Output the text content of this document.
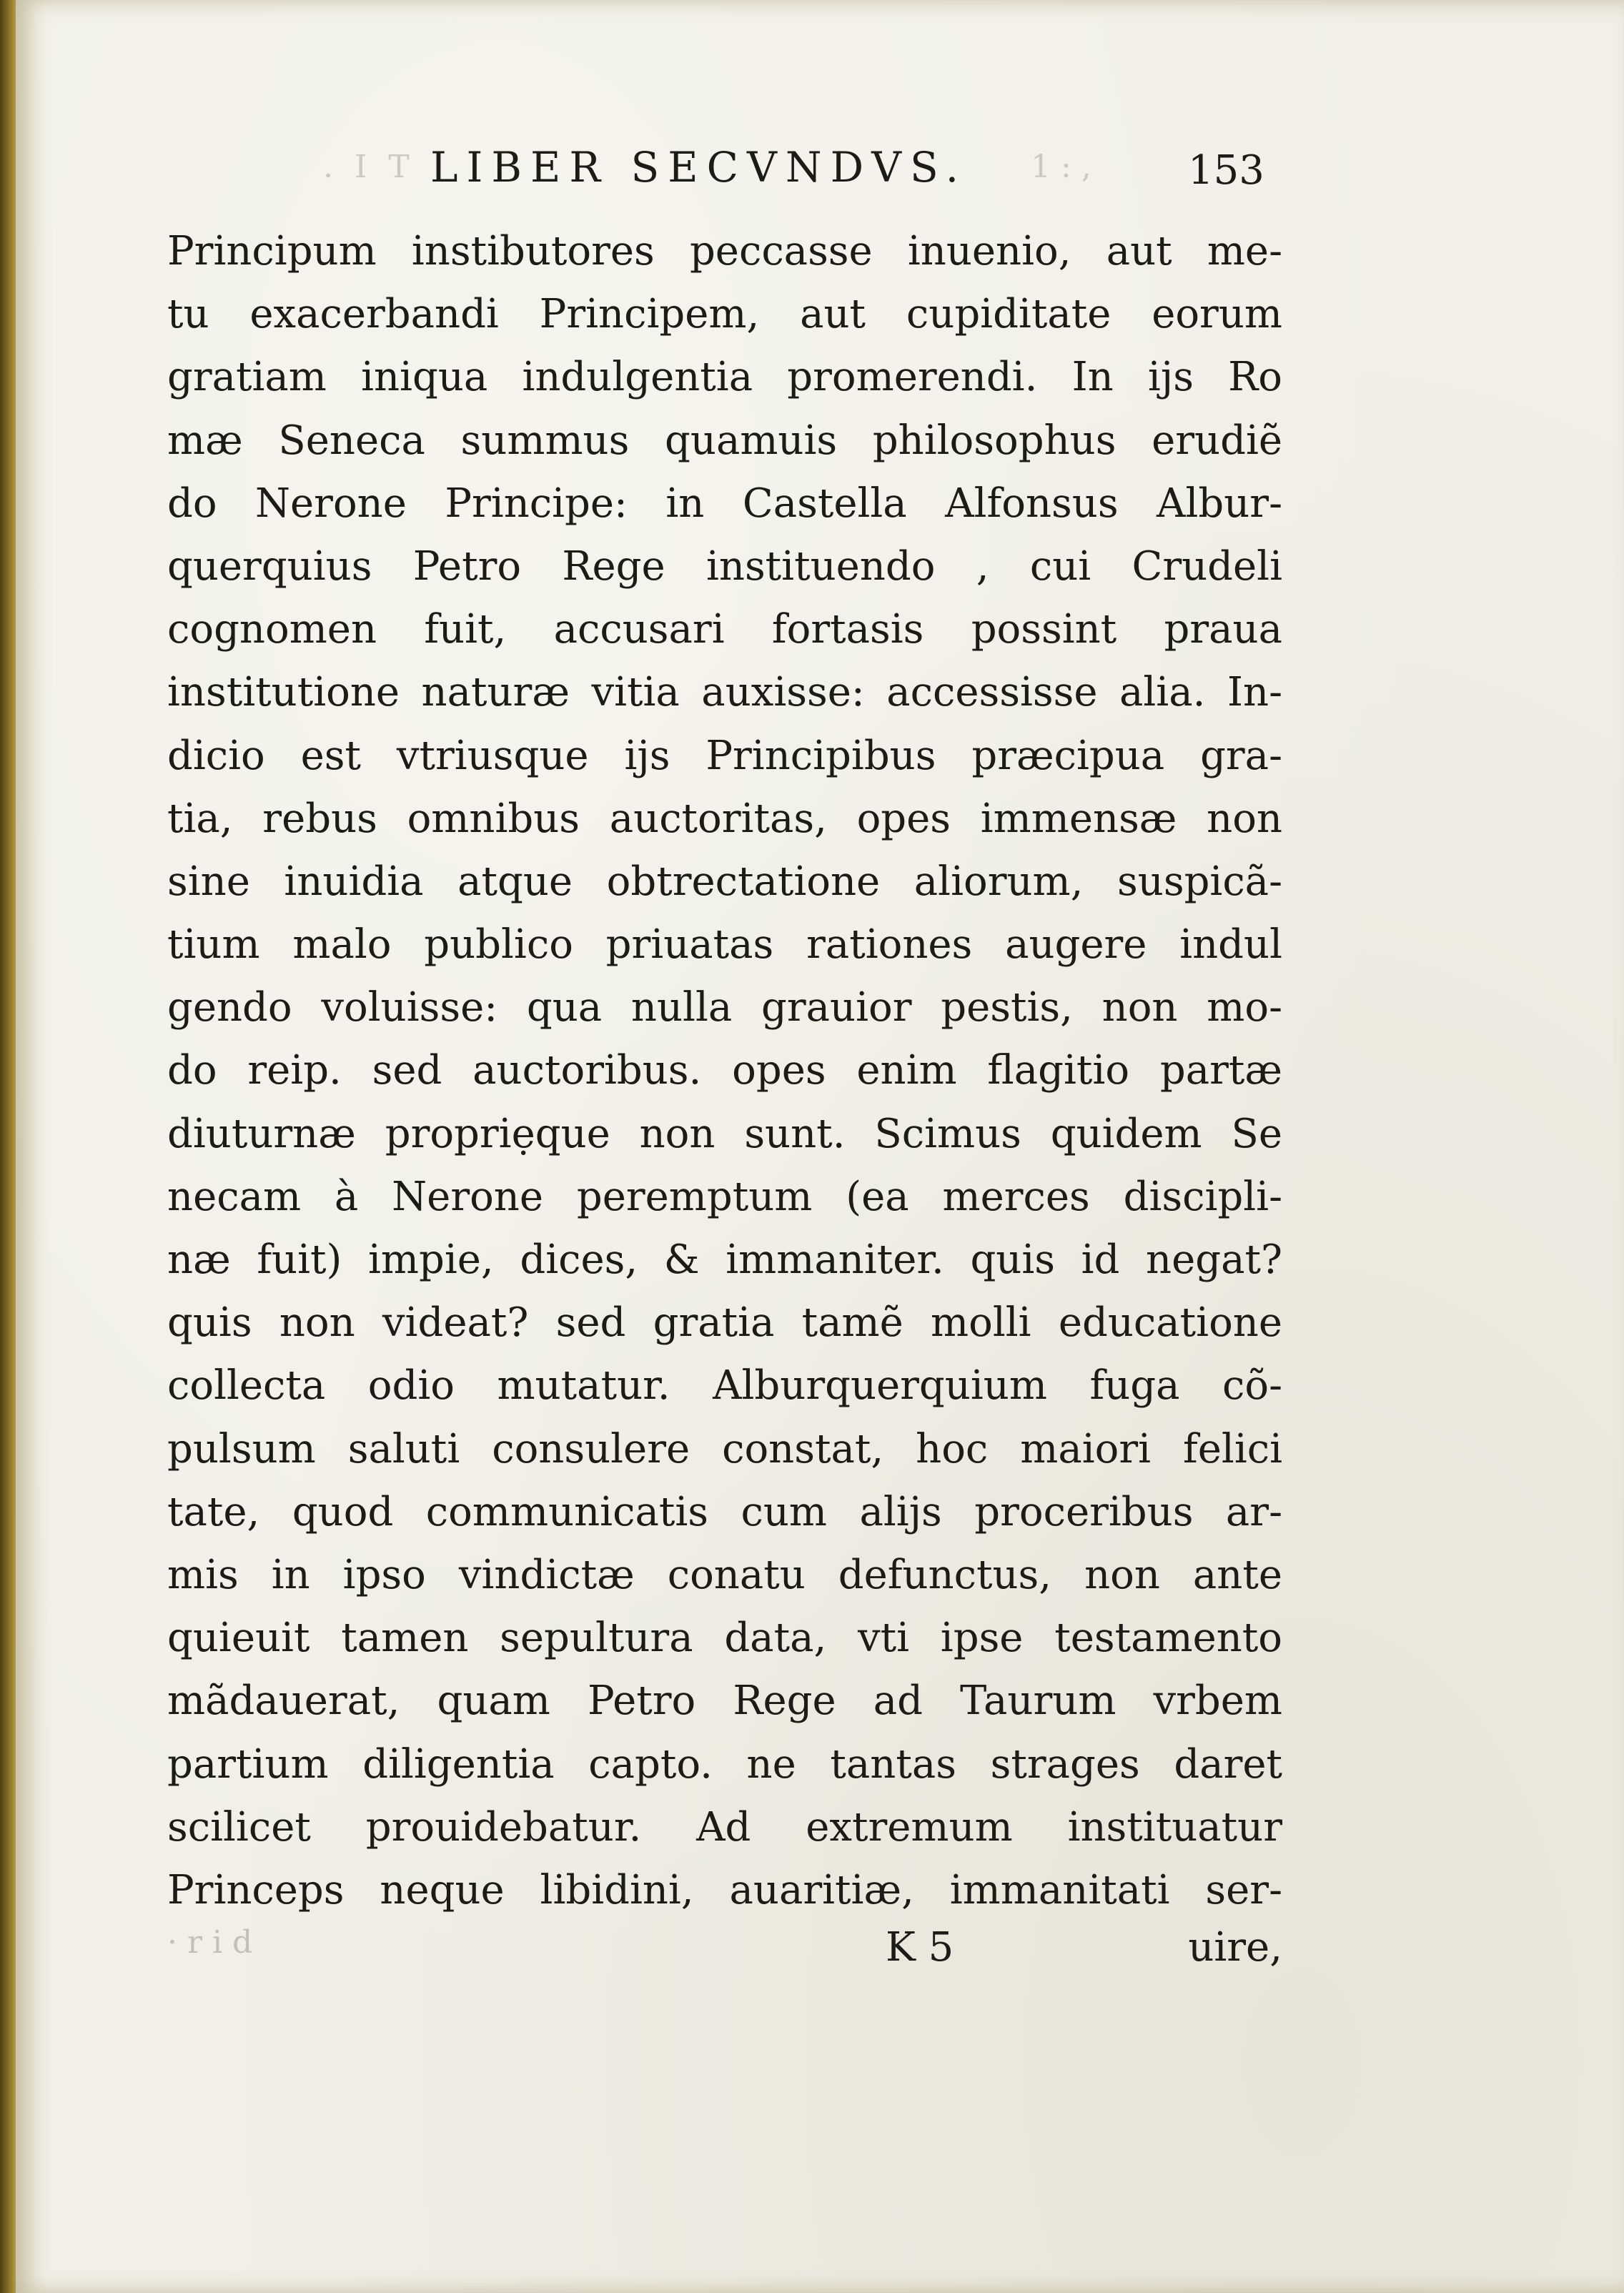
. I T LIBER SECVNDVS. 1 : , 153
Principum instibutores peccasse inuenio, aut me-
tu exacerbandi Principem, aut cupiditate eorum
gratiam iniqua indulgentia promerendi. In ijs Ro
mæ Seneca summus quamuis philosophus erudiẽ
do Nerone Principe: in Castella Alfonsus Albur-
querquius Petro Rege instituendo , cui Crudeli
cognomen fuit, accusari fortasis possint praua
institutione naturæ vitia auxisse: accessisse alia. In-
dicio est vtriusque ijs Principibus præcipua gra-
tia, rebus omnibus auctoritas, opes immensæ non
sine inuidia atque obtrectatione aliorum, suspicã-
tium malo publico priuatas rationes augere indul
gendo voluisse: qua nulla grauior pestis, non mo-
do reip. sed auctoribus. opes enim flagitio partæ
diuturnæ propriẹque non sunt. Scimus quidem Se
necam à Nerone peremptum (ea merces discipli-
næ fuit) impie, dices, & immaniter. quis id negat?
quis non videat? sed gratia tamẽ molli educatione
collecta odio mutatur. Alburquerquium fuga cõ-
pulsum saluti consulere constat, hoc maiori felici
tate, quod communicatis cum alijs proceribus ar-
mis in ipso vindictæ conatu defunctus, non ante
quieuit tamen sepultura data, vti ipse testamento
mãdauerat, quam Petro Rege ad Taurum vrbem
partium diligentia capto. ne tantas strages daret
scilicet prouidebatur. Ad extremum instituatur
Princeps neque libidini, auaritiæ, immanitati ser-
· r i d	K 5	uire,
